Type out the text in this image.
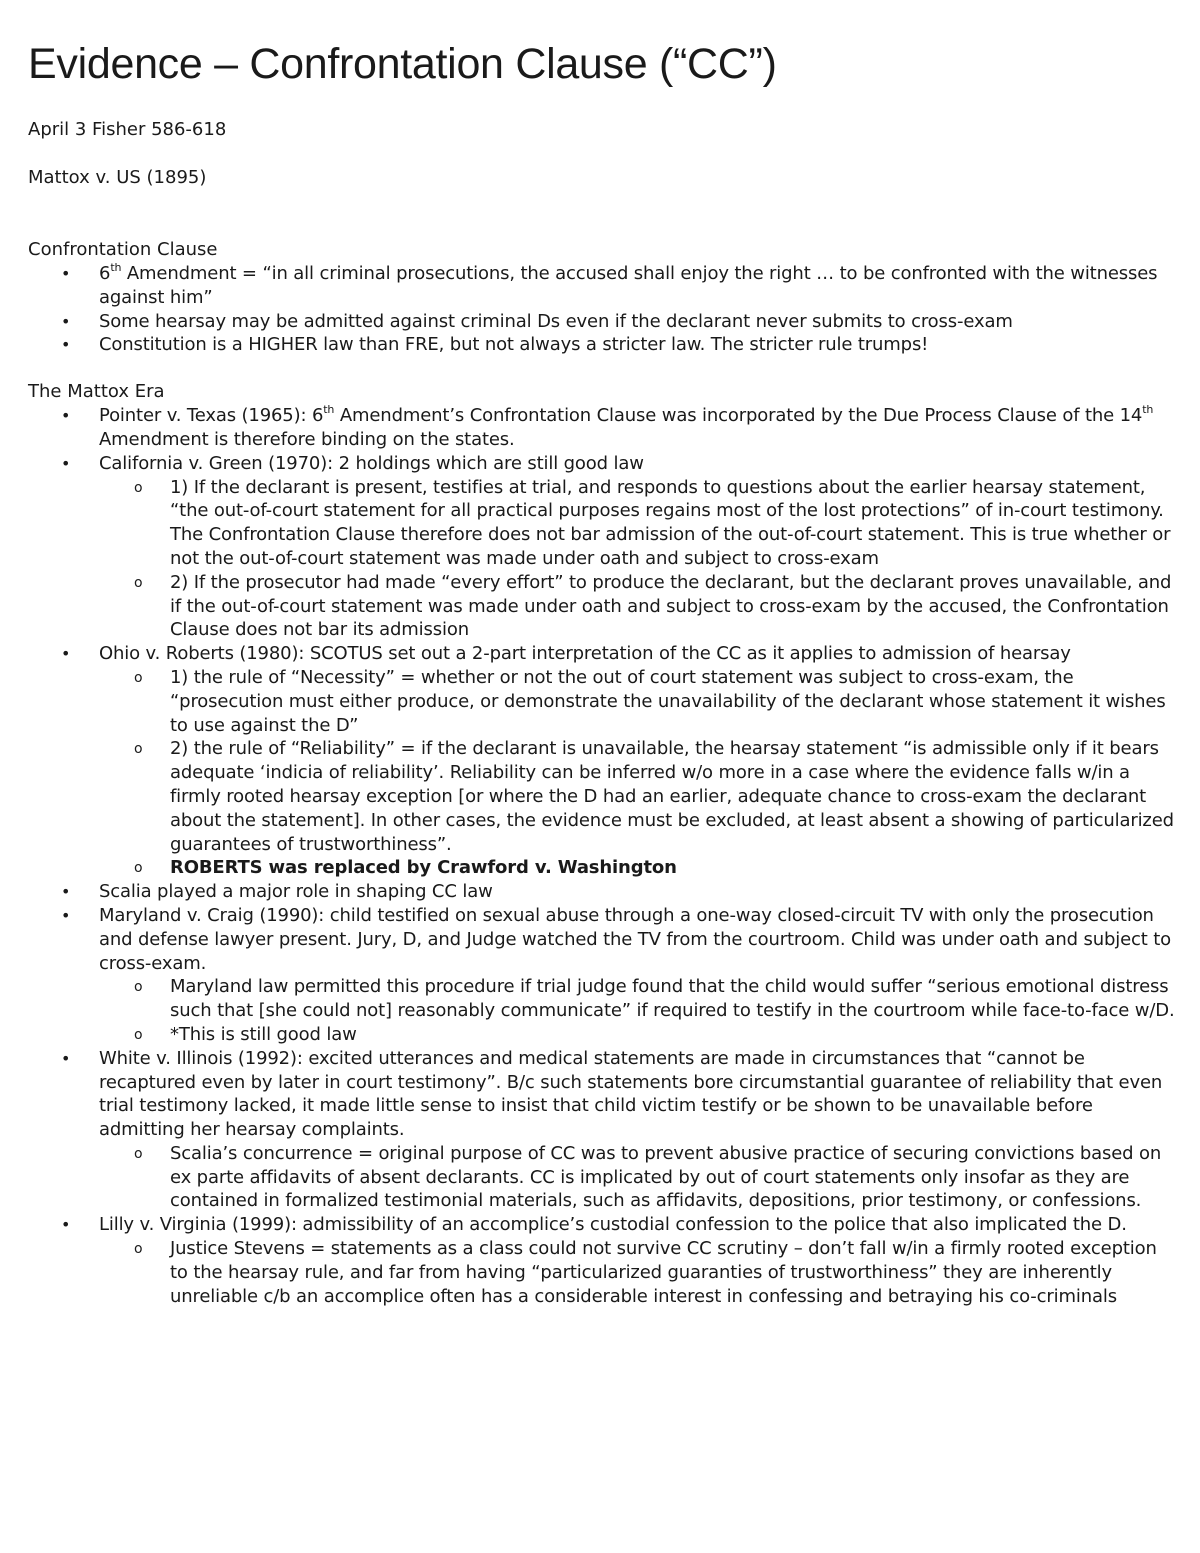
Evidence – Confrontation Clause (“CC”)

April 3 Fisher 586-618

Mattox v. US (1895)

Confrontation Clause

• 6th Amendment = “in all criminal prosecutions, the accused shall enjoy the right … to be confronted with the witnesses against him”
• Some hearsay may be admitted against criminal Ds even if the declarant never submits to cross-exam
• Constitution is a HIGHER law than FRE, but not always a stricter law. The stricter rule trumps!

The Mattox Era

• Pointer v. Texas (1965): 6th Amendment’s Confrontation Clause was incorporated by the Due Process Clause of the 14th Amendment is therefore binding on the states.
• California v. Green (1970): 2 holdings which are still good law
o 1) If the declarant is present, testifies at trial, and responds to questions about the earlier hearsay statement, “the out-of-court statement for all practical purposes regains most of the lost protections” of in-court testimony. The Confrontation Clause therefore does not bar admission of the out-of-court statement. This is true whether or not the out-of-court statement was made under oath and subject to cross-exam
o 2) If the prosecutor had made “every effort” to produce the declarant, but the declarant proves unavailable, and if the out-of-court statement was made under oath and subject to cross-exam by the accused, the Confrontation Clause does not bar its admission
• Ohio v. Roberts (1980): SCOTUS set out a 2-part interpretation of the CC as it applies to admission of hearsay
o 1) the rule of “Necessity” = whether or not the out of court statement was subject to cross-exam, the “prosecution must either produce, or demonstrate the unavailability of the declarant whose statement it wishes to use against the D”
o 2) the rule of “Reliability” = if the declarant is unavailable, the hearsay statement “is admissible only if it bears adequate ‘indicia of reliability’. Reliability can be inferred w/o more in a case where the evidence falls w/in a firmly rooted hearsay exception [or where the D had an earlier, adequate chance to cross-exam the declarant about the statement]. In other cases, the evidence must be excluded, at least absent a showing of particularized guarantees of trustworthiness”.
o ROBERTS was replaced by Crawford v. Washington
• Scalia played a major role in shaping CC law
• Maryland v. Craig (1990): child testified on sexual abuse through a one-way closed-circuit TV with only the prosecution and defense lawyer present. Jury, D, and Judge watched the TV from the courtroom. Child was under oath and subject to cross-exam.
o Maryland law permitted this procedure if trial judge found that the child would suffer “serious emotional distress such that [she could not] reasonably communicate” if required to testify in the courtroom while face-to-face w/D.
o *This is still good law
• White v. Illinois (1992): excited utterances and medical statements are made in circumstances that “cannot be recaptured even by later in court testimony”. B/c such statements bore circumstantial guarantee of reliability that even trial testimony lacked, it made little sense to insist that child victim testify or be shown to be unavailable before admitting her hearsay complaints.
o Scalia’s concurrence = original purpose of CC was to prevent abusive practice of securing convictions based on ex parte affidavits of absent declarants. CC is implicated by out of court statements only insofar as they are contained in formalized testimonial materials, such as affidavits, depositions, prior testimony, or confessions.
• Lilly v. Virginia (1999): admissibility of an accomplice’s custodial confession to the police that also implicated the D.
o Justice Stevens = statements as a class could not survive CC scrutiny – don’t fall w/in a firmly rooted exception to the hearsay rule, and far from having “particularized guaranties of trustworthiness” they are inherently unreliable c/b an accomplice often has a considerable interest in confessing and betraying his co-criminals
